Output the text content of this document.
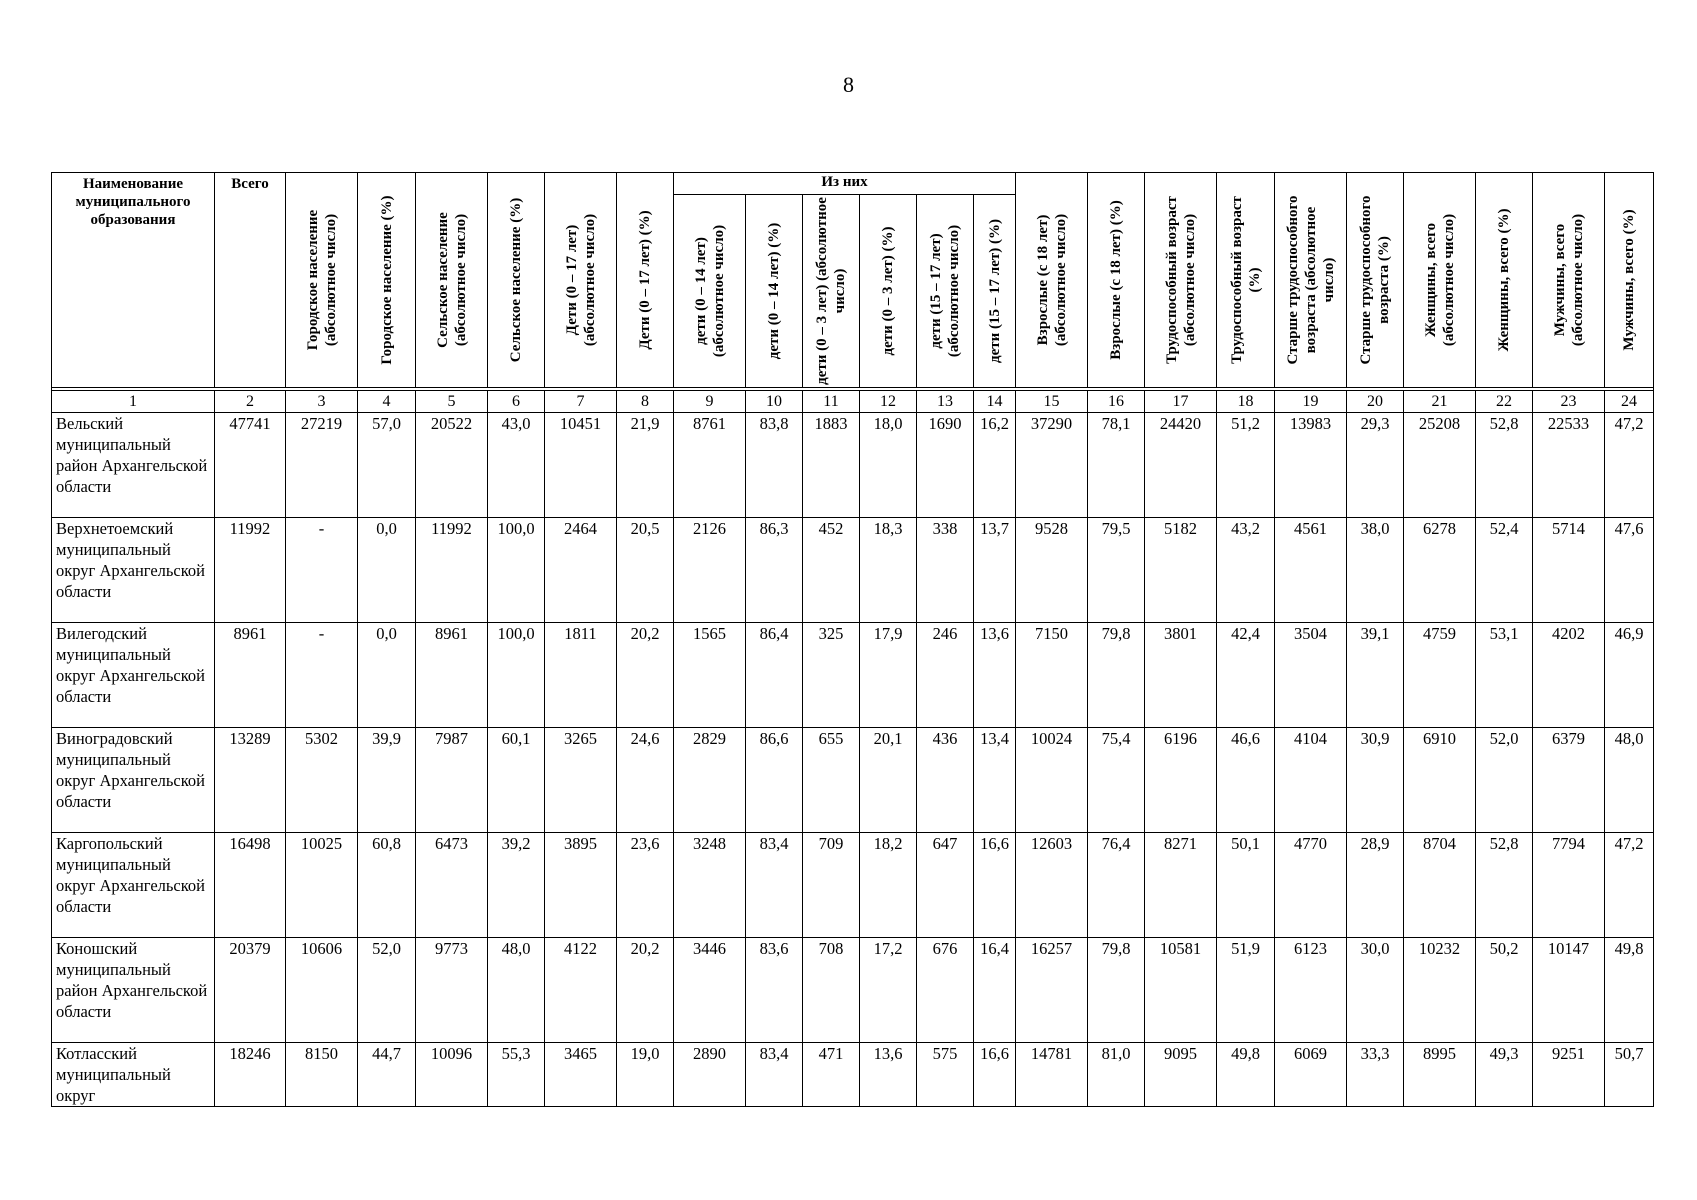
8
Наименование муниципального образования	Всего	Городское население (абсолютное число)	Городское население (%)	Сельское население (абсолютное число)	Сельское население (%)	Дети (0 – 17 лет) (абсолютное число)	Дети (0 – 17 лет) (%)	Из них						Взрослые (с 18 лет) (абсолютное число)	Взрослые (с 18 лет) (%)	Трудоспособный возраст (абсолютное число)	Трудоспособный возраст (%)	Старше трудоспособного возраста (абсолютное число)	Старше трудоспособного возраста (%)	Женщины, всего (абсолютное число)	Женщины, всего (%)	Мужчины, всего (абсолютное число)	Мужчины, всего (%)

								дети (0 – 14 лет) (абсолютное число)	дети (0 – 14 лет) (%)	дети (0 – 3 лет) (абсолютное число)	дети (0 – 3 лет) (%)	дети (15 – 17 лет) (абсолютное число)	дети (15 – 17 лет) (%)										

1	2	3	4	5	6	7	8	9	10	11	12	13	14	15	16	17	18	19	20	21	22	23	24
Вельский муниципальный район Архангельской области	47741	27219	57,0	20522	43,0	10451	21,9	8761	83,8	1883	18,0	1690	16,2	37290	78,1	24420	51,2	13983	29,3	25208	52,8	22533	47,2
Верхнетоемский муниципальный округ Архангельской области	11992	-	0,0	11992	100,0	2464	20,5	2126	86,3	452	18,3	338	13,7	9528	79,5	5182	43,2	4561	38,0	6278	52,4	5714	47,6
Вилегодский муниципальный округ Архангельской области	8961	-	0,0	8961	100,0	1811	20,2	1565	86,4	325	17,9	246	13,6	7150	79,8	3801	42,4	3504	39,1	4759	53,1	4202	46,9
Виноградовский муниципальный округ Архангельской области	13289	5302	39,9	7987	60,1	3265	24,6	2829	86,6	655	20,1	436	13,4	10024	75,4	6196	46,6	4104	30,9	6910	52,0	6379	48,0
Каргопольский муниципальный округ Архангельской области	16498	10025	60,8	6473	39,2	3895	23,6	3248	83,4	709	18,2	647	16,6	12603	76,4	8271	50,1	4770	28,9	8704	52,8	7794	47,2
Коношский муниципальный район Архангельской области	20379	10606	52,0	9773	48,0	4122	20,2	3446	83,6	708	17,2	676	16,4	16257	79,8	10581	51,9	6123	30,0	10232	50,2	10147	49,8
Котласский муниципальный округ	18246	8150	44,7	10096	55,3	3465	19,0	2890	83,4	471	13,6	575	16,6	14781	81,0	9095	49,8	6069	33,3	8995	49,3	9251	50,7
